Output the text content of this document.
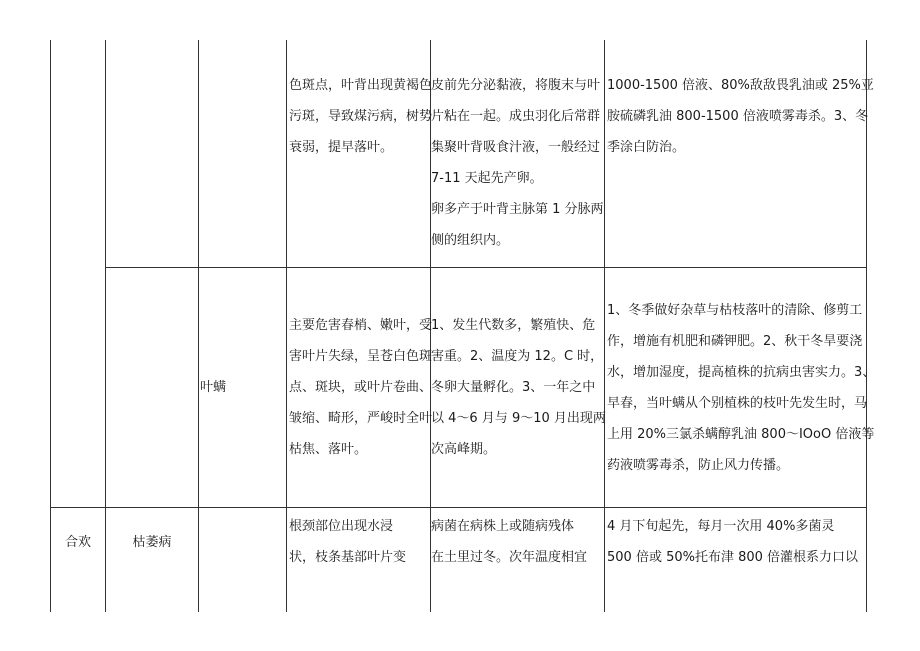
色斑点，叶背出现黄褐色
污斑，导致煤污病，树势
衰弱，提早落叶。
皮前先分泌黏液，将腹末与叶
片粘在一起。成虫羽化后常群
集聚叶背吸食汁液，一般经过
7-11 天起先产卵。
卵多产于叶背主脉第 1 分脉两
侧的组织内。
1000-1500 倍液、80%敌敌畏乳油或 25%亚
胺硫磷乳油 800-1500 倍液喷雾毒杀。3、冬
季涂白防治。
叶螨
主要危害春梢、嫩叶，受
害叶片失绿，呈苍白色斑
点、斑块，或叶片卷曲、
皱缩、畸形，严峻时全叶
枯焦、落叶。
1、发生代数多，繁殖快、危
害重。2、温度为 12。C 时，
冬卵大量孵化。3、一年之中
以 4～6 月与 9～10 月出现两
次高峰期。
1、冬季做好杂草与枯枝落叶的清除、修剪工
作，增施有机肥和磷钾肥。2、秋干冬旱要浇
水，增加湿度，提高植株的抗病虫害实力。3、
早春，当叶螨从个别植株的枝叶先发生时，马
上用 20%三氯杀螨醇乳油 800～IOoO 倍液等
药液喷雾毒杀，防止风力传播。
合欢	枯萎病
根颈部位出现水浸
状，枝条基部叶片变
病菌在病株上或随病残体
在土里过冬。次年温度相宜
4 月下旬起先，每月一次用 40%多菌灵
500 倍或 50%托布津 800 倍灌根系力口以
